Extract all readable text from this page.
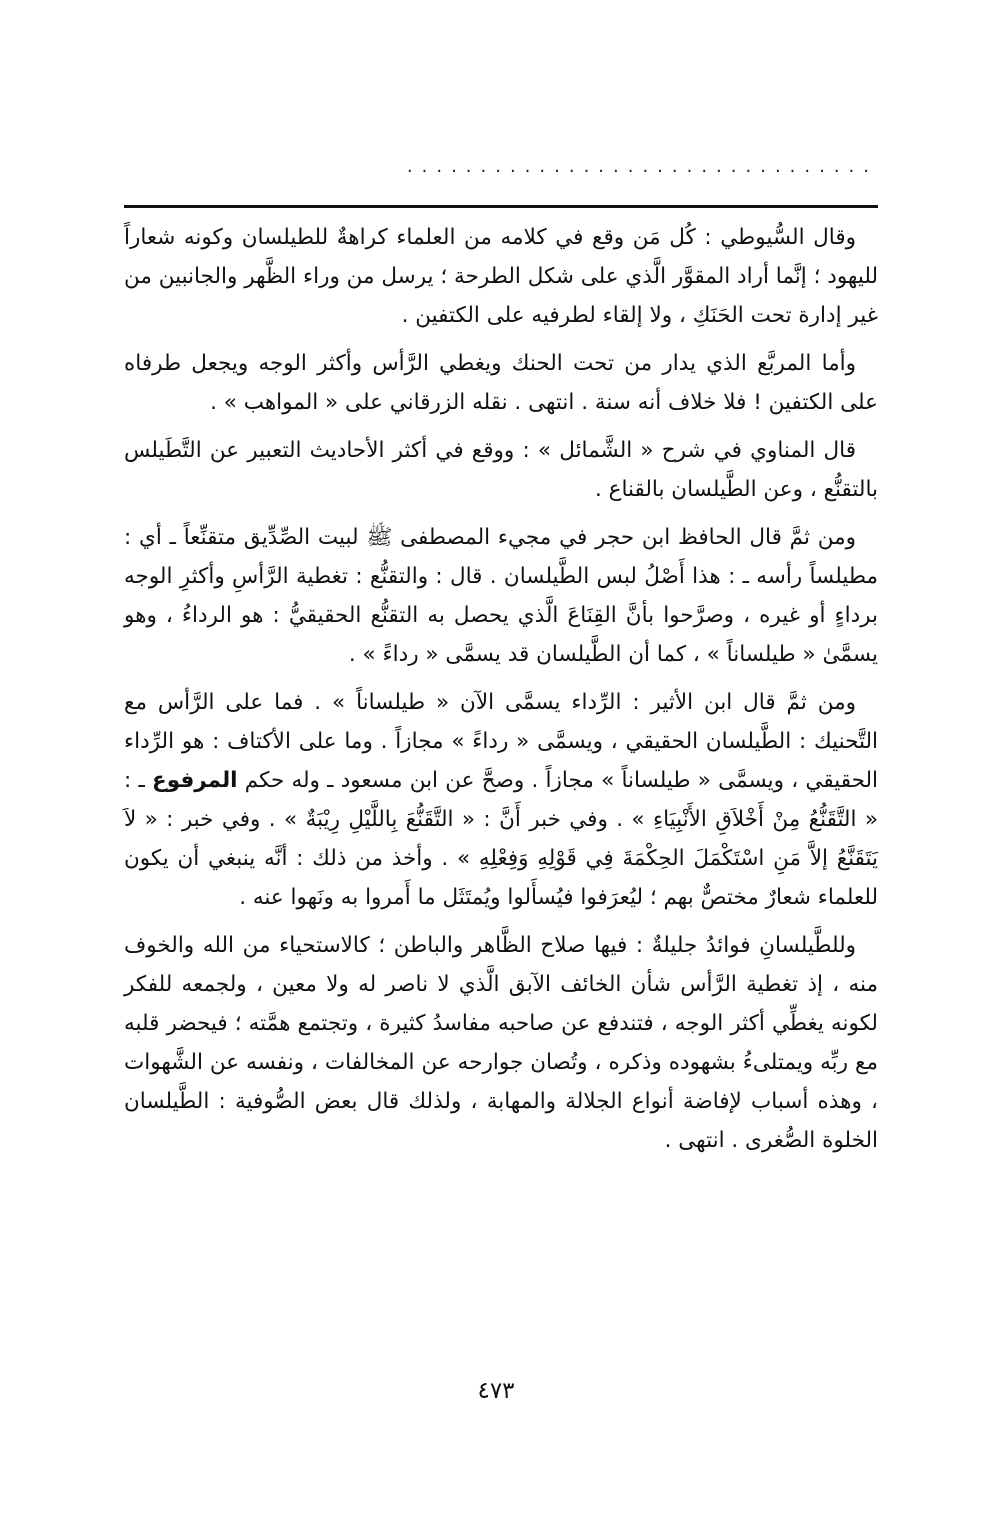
................................

وقال السُّيوطي : كُل مَن وقع في كلامه من العلماء كراهةٌ للطيلسان وكونه شعاراً لليهود ؛ إنَّما أراد المقوَّر الَّذي على شكل الطرحة ؛ يرسل من وراء الظَّهر والجانبين من غير إدارة تحت الحَنَكِ ، ولا إلقاء لطرفيه على الكتفين .

وأما المربَّع الذي يدار من تحت الحنك ويغطي الرَّأس وأكثر الوجه ويجعل طرفاه على الكتفين ! فلا خلاف أنه سنة . انتهى . نقله الزرقاني على « المواهب » .

قال المناوي في شرح « الشَّمائل » : ووقع في أكثر الأحاديث التعبير عن التَّطَيلس بالتقنُّع ، وعن الطَّيلسان بالقناع .

ومن ثمَّ قال الحافظ ابن حجر في مجيء المصطفى ﷺ لبيت الصِّدِّيق متقنِّعاً ـ أي : مطيلساً رأسه ـ : هذا أَصْلُ لبس الطَّيلسان . قال : والتقنُّع : تغطية الرَّأسِ وأكثرِ الوجه برداءٍ أو غيره ، وصرَّحوا بأنَّ القِنَاعَ الَّذي يحصل به التقنُّع الحقيقيُّ : هو الرداءُ ، وهو يسمَّىٰ « طيلساناً » ، كما أن الطَّيلسان قد يسمَّى « رداءً » .

ومن ثمَّ قال ابن الأثير : الرِّداء يسمَّى الآن « طيلساناً » . فما على الرَّأس مع التَّحنيك : الطَّيلسان الحقيقي ، ويسمَّى « رداءً » مجازاً . وما على الأكتاف : هو الرِّداء الحقيقي ، ويسمَّى « طيلساناً » مجازاً . وصحَّ عن ابن مسعود ـ وله حكم المرفوع ـ : « التَّقَنُّعُ مِنْ أَخْلاَقِ الأَنْبِيَاءِ » . وفي خبر أَنَّ : « التَّقَنُّعَ بِاللَّيْلِ رِيْبَةٌ » . وفي خبر : « لاَ يَتَقَنَّعُ إلاَّ مَنِ اسْتَكْمَلَ الحِكْمَةَ فِي قَوْلِهِ وَفِعْلِهِ » . وأخذ من ذلك : أنَّه ينبغي أن يكون للعلماء شعارٌ مختصٌّ بهم ؛ ليُعرَفوا فيُسأَلوا ويُمتَثَل ما أَمروا به ونَهوا عنه .

وللطَّيلسانِ فوائدُ جليلةٌ : فيها صلاح الظَّاهر والباطن ؛ كالاستحياء من الله والخوف منه ، إذ تغطية الرَّأس شأن الخائف الآبق الَّذي لا ناصر له ولا معين ، ولجمعه للفكر لكونه يغطِّي أكثر الوجه ، فتندفع عن صاحبه مفاسدُ كثيرة ، وتجتمع همَّته ؛ فيحضر قلبه مع ربِّه ويمتلىءُ بشهوده وذكره ، وتُصان جوارحه عن المخالفات ، ونفسه عن الشَّهوات ، وهذه أسباب لإفاضة أنواع الجلالة والمهابة ، ولذلك قال بعض الصُّوفية : الطَّيلسان الخلوة الصُّغرى . انتهى .

٤٧٣
